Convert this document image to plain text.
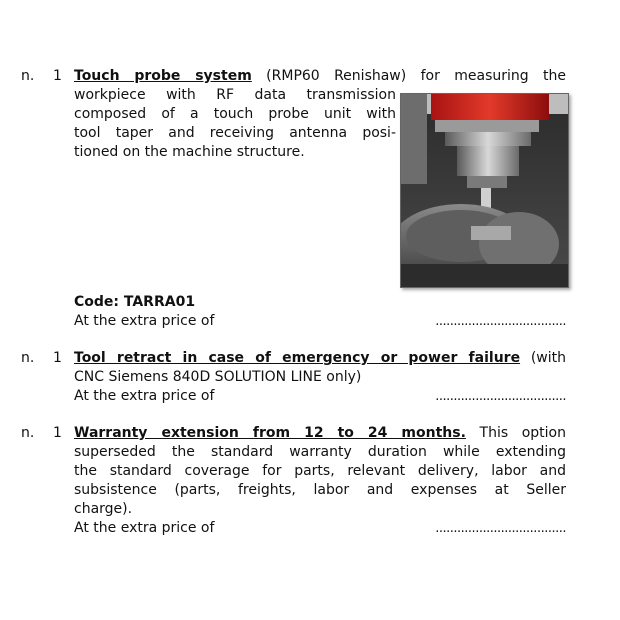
n. 1 Touch probe system (RMP60 Renishaw) for measuring the
workpiece with RF data transmission
composed of a touch probe unit with
tool taper and receiving antenna posi-
tioned on the machine structure.
Code: TARRA01
At the extra price of	....................................
n. 1 Tool retract in case of emergency or power failure (with
CNC Siemens 840D SOLUTION LINE only)
At the extra price of	....................................
n. 1 Warranty extension from 12 to 24 months. This option
superseded the standard warranty duration while extending
the standard coverage for parts, relevant delivery, labor and
subsistence (parts, freights, labor and expenses at Seller
charge).
At the extra price of	....................................
